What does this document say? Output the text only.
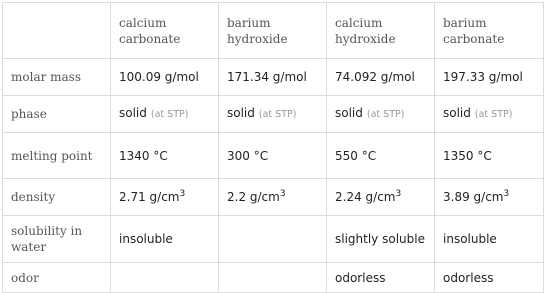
	calcium carbonate	barium hydroxide	calcium hydroxide	barium carbonate
molar mass	100.09 g/mol	171.34 g/mol	74.092 g/mol	197.33 g/mol
phase	solid (at STP)	solid (at STP)	solid (at STP)	solid (at STP)
melting point	1340 °C	300 °C	550 °C	1350 °C
density	2.71 $g/cm^3$	2.2 $g/cm^3$	2.24 $g/cm^3$	3.89 $g/cm^3$
solubility in water	insoluble		slightly soluble	insoluble
odor			odorless	odorless
